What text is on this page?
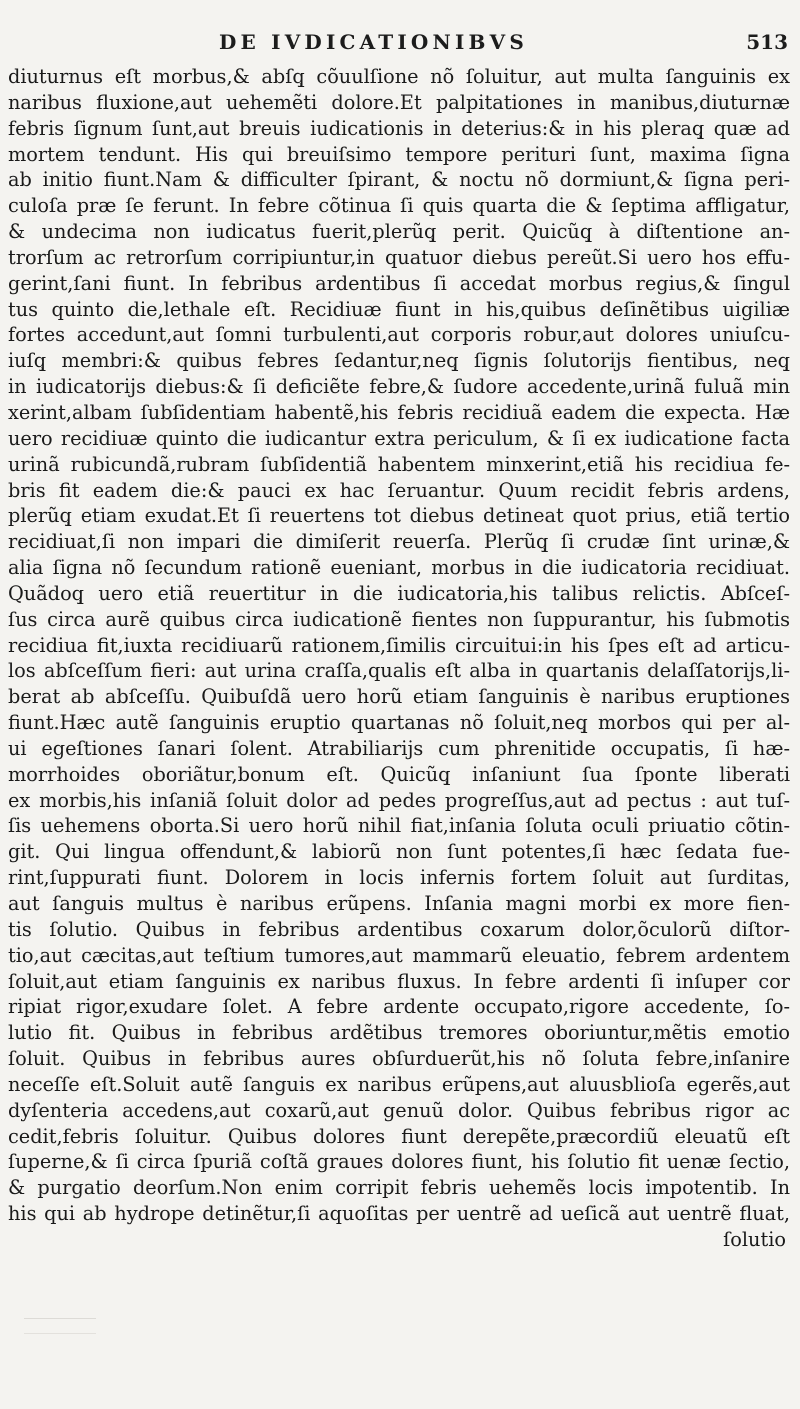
DE IVDICATIONIBVS	513
diuturnus eſt morbus,& abſq̧ cõuulſione nõ ſoluitur, aut multa ſanguinis ex
naribus fluxione,aut uehemẽti dolore.Et palpitationes in manibus,diuturnæ
febris ſignum ſunt,aut breuis iudicationis in deterius:& in his pleraq̧ quæ ad
mortem tendunt. His qui breuiſsimo tempore perituri ſunt, maxima ſigna
ab initio fiunt.Nam & difficulter ſpirant, & noctu nõ dormiunt,& ſigna peri-
culoſa præ ſe ferunt. In febre cõtinua ſi quis quarta die & ſeptima affligatur,
& undecima non iudicatus fuerit,plerũq̧ perit. Quicũq̧ à diſtentione an-
trorſum ac retrorſum corripiuntur,in quatuor diebus pereũt.Si uero hos effu-
gerint,ſani fiunt. In febribus ardentibus ſi accedat morbus regius,& ſingul
tus quinto die,lethale eſt. Recidiuæ fiunt in his,quibus deſinẽtibus uigiliæ
fortes accedunt,aut ſomni turbulenti,aut corporis robur,aut dolores uniuſcu-
iuſq̧ membri:& quibus febres ſedantur,neq̧ ſignis ſolutorijs fientibus, neq̧
in iudicatorijs diebus:& ſi deficiẽte febre,& ſudore accedente,urinã fuluã min
xerint,albam ſubſidentiam habentẽ,his febris recidiuã eadem die expecta. Hæ
uero recidiuæ quinto die iudicantur extra periculum, & ſi ex iudicatione facta
urinã rubicundã,rubram ſubſidentiã habentem minxerint,etiã his recidiua fe-
bris fit eadem die:& pauci ex hac ſeruantur. Quum recidit febris ardens,
plerũq̧ etiam exudat.Et ſi reuertens tot diebus detineat quot prius, etiã tertio
recidiuat,ſi non impari die dimiſerit reuerſa. Plerũq̧ ſi crudæ ſint urinæ,&
alia ſigna nõ ſecundum rationẽ eueniant, morbus in die iudicatoria recidiuat.
Quãdoq̧ uero etiã reuertitur in die iudicatoria,his talibus relictis. Abſceſ-
ſus circa aurẽ quibus circa iudicationẽ fientes non ſuppurantur, his ſubmotis
recidiua fit,iuxta recidiuarũ rationem,ſimilis circuitui:in his ſpes eſt ad articu-
los abſceſſum fieri: aut urina craſſa,qualis eſt alba in quartanis delaſſatorijs,li-
berat ab abſceſſu. Quibuſdã uero horũ etiam ſanguinis è naribus eruptiones
fiunt.Hæc autẽ ſanguinis eruptio quartanas nõ ſoluit,neq̧ morbos qui per al-
ui egeſtiones ſanari ſolent. Atrabiliarijs cum phrenitide occupatis, ſi hæ-
morrhoides oboriãtur,bonum eſt. Quicũq̧ inſaniunt ſua ſponte liberati
ex morbis,his inſaniã ſoluit dolor ad pedes progreſſus,aut ad pectus : aut tuſ-
ſis uehemens oborta.Si uero horũ nihil fiat,inſania ſoluta oculi priuatio cõtin-
git. Qui lingua offendunt,& labiorũ non ſunt potentes,ſi hæc ſedata fue-
rint,ſuppurati fiunt. Dolorem in locis infernis fortem ſoluit aut ſurditas,
aut ſanguis multus è naribus erũpens. Inſania magni morbi ex more fien-
tis ſolutio. Quibus in febribus ardentibus coxarum dolor,õculorũ diſtor-
tio,aut cæcitas,aut teſtium tumores,aut mammarũ eleuatio, febrem ardentem
ſoluit,aut etiam ſanguinis ex naribus fluxus. In febre ardenti ſi inſuper cor
ripiat rigor,exudare ſolet. A febre ardente occupato,rigore accedente, ſo-
lutio fit. Quibus in febribus ardẽtibus tremores oboriuntur,mẽtis emotio
ſoluit. Quibus in febribus aures obſurduerũt,his nõ ſoluta febre,inſanire
neceſſe eſt.Soluit autẽ ſanguis ex naribus erũpens,aut aluusblioſa egerẽs,aut
dyſenteria accedens,aut coxarũ,aut genuũ dolor. Quibus febribus rigor ac
cedit,febris ſoluitur. Quibus dolores fiunt derepẽte,præcordiũ eleuatũ eſt
ſuperne,& ſi circa ſpuriã coſtã graues dolores fiunt, his ſolutio fit uenæ ſectio,
& purgatio deorſum.Non enim corripit febris uehemẽs locis impotentib. In
his qui ab hydrope detinẽtur,ſi aquoſitas per uentrẽ ad ueſicã aut uentrẽ fluat,
ſolutio
